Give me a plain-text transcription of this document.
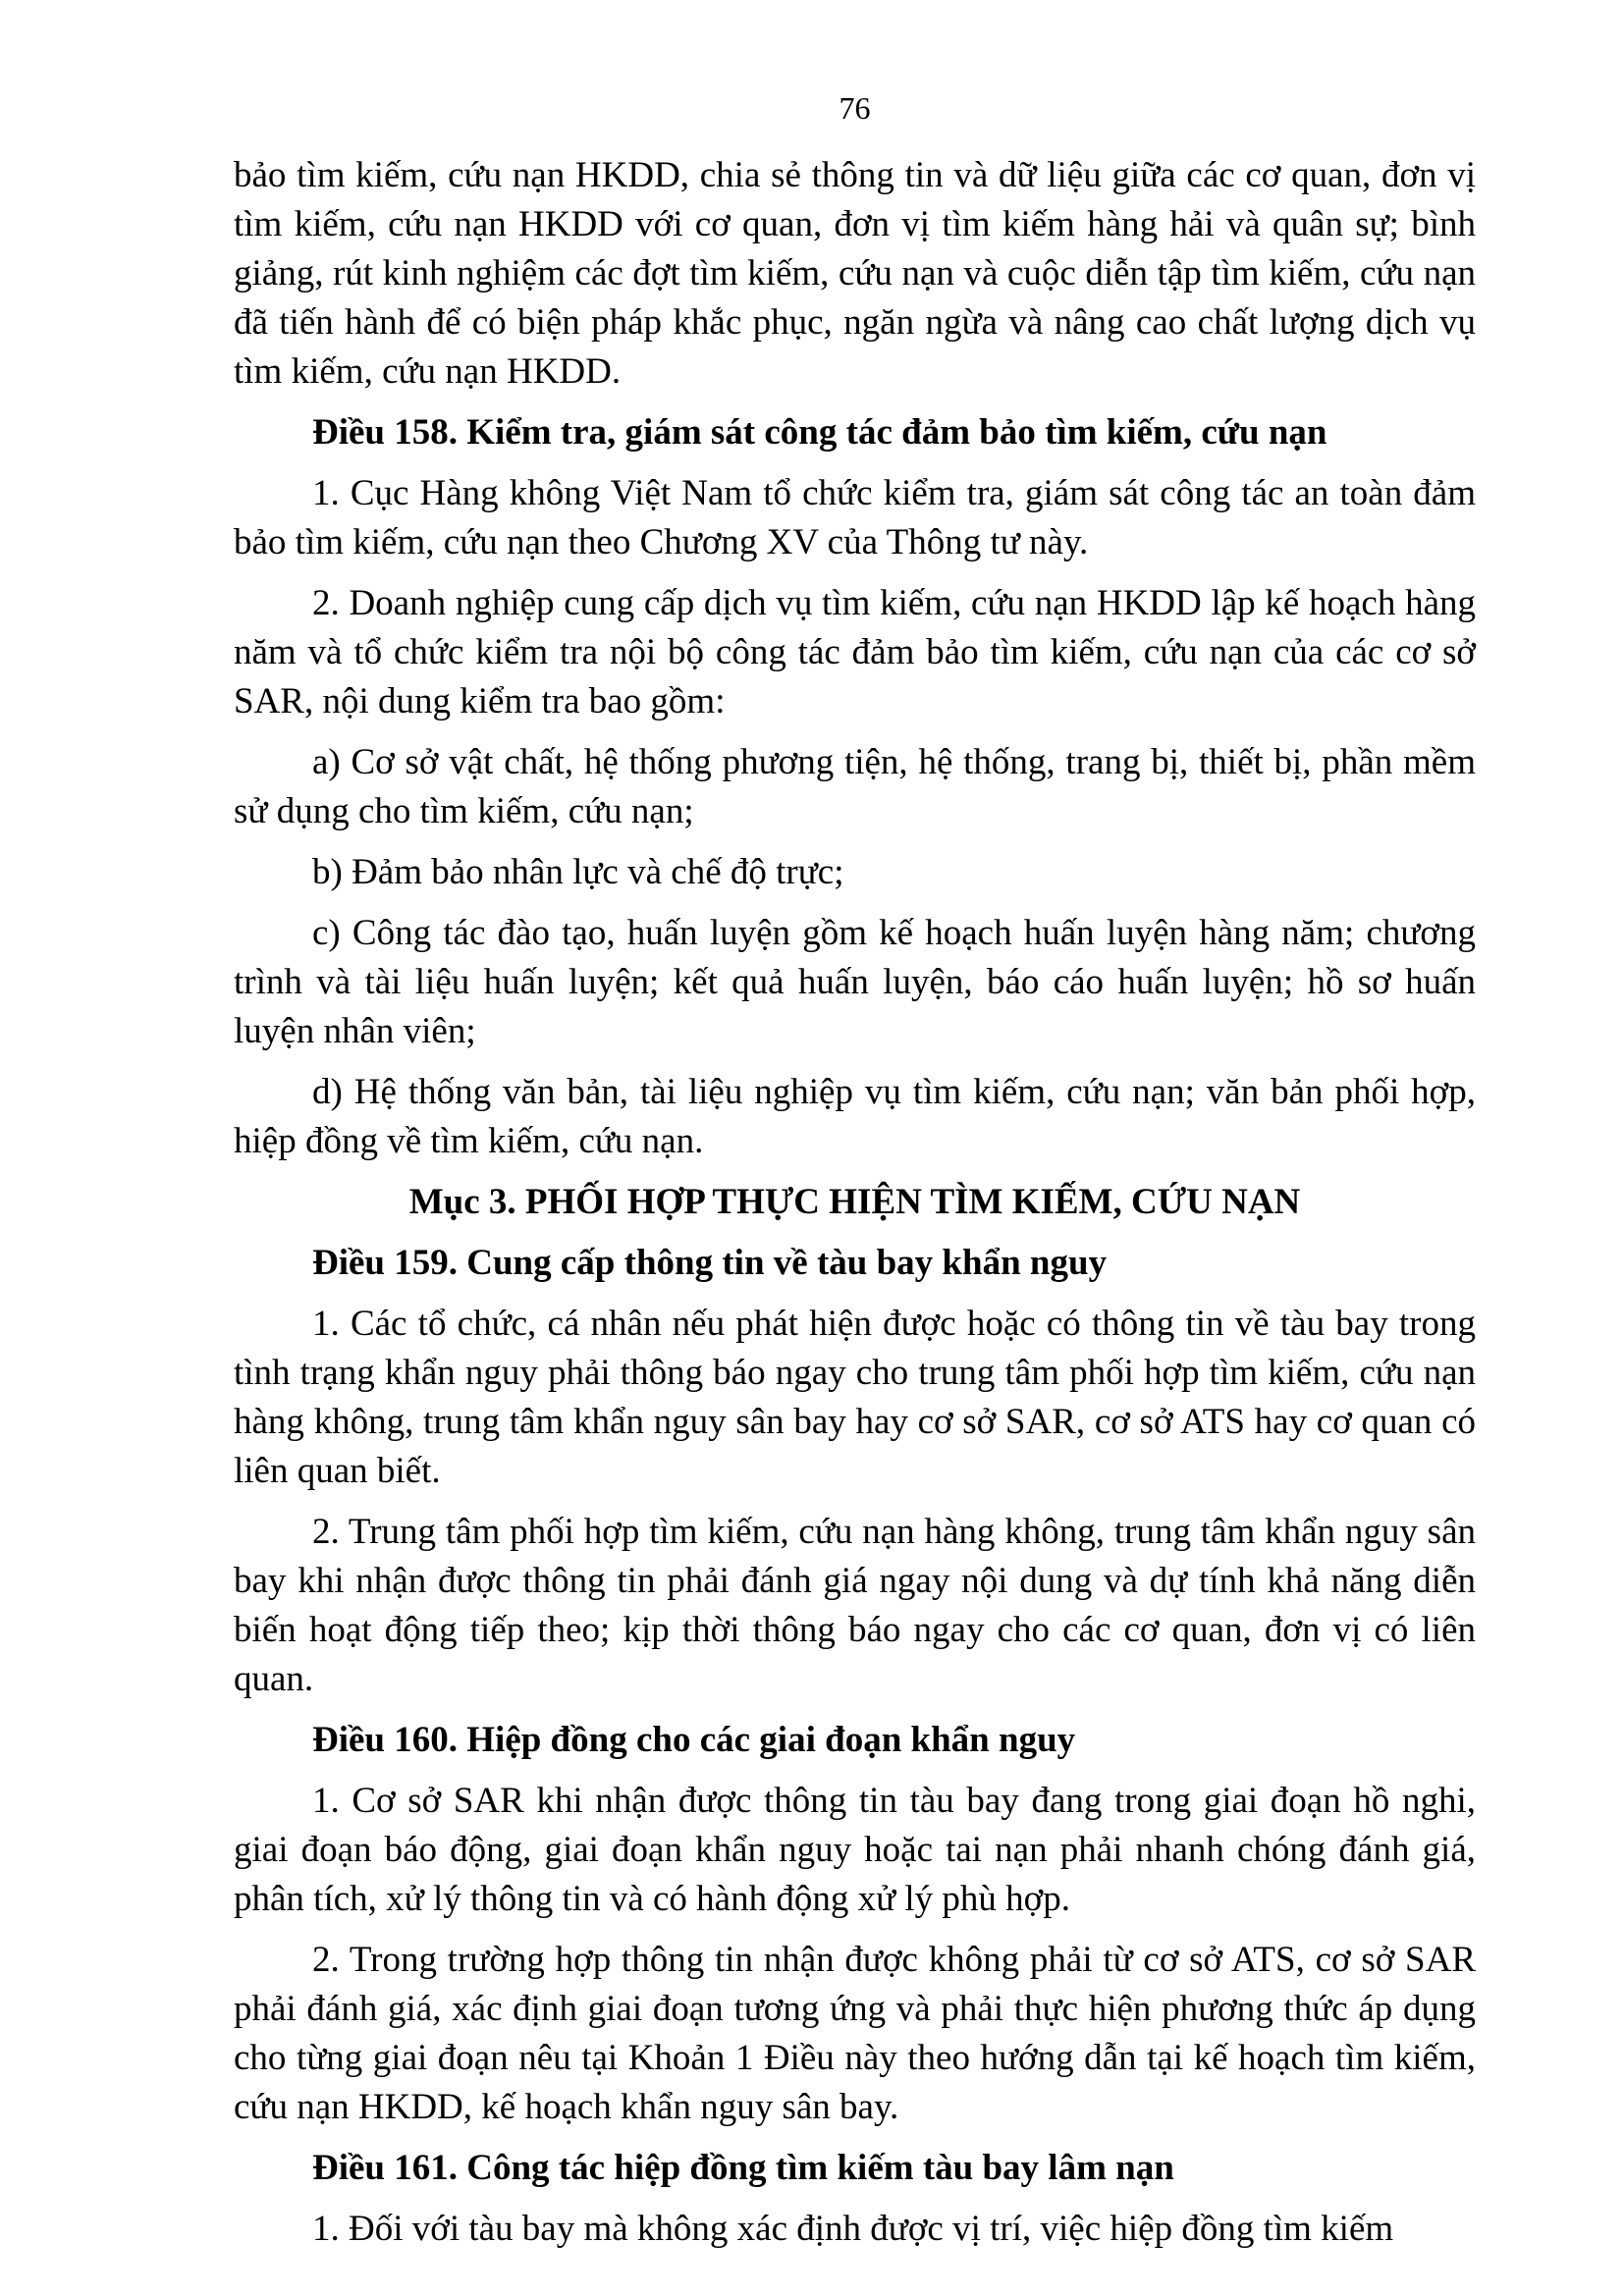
76

bảo tìm kiếm, cứu nạn HKDD, chia sẻ thông tin và dữ liệu giữa các cơ quan, đơn vị tìm kiếm, cứu nạn HKDD với cơ quan, đơn vị tìm kiếm hàng hải và quân sự; bình giảng, rút kinh nghiệm các đợt tìm kiếm, cứu nạn và cuộc diễn tập tìm kiếm, cứu nạn đã tiến hành để có biện pháp khắc phục, ngăn ngừa và nâng cao chất lượng dịch vụ tìm kiếm, cứu nạn HKDD.

Điều 158. Kiểm tra, giám sát công tác đảm bảo tìm kiếm, cứu nạn

1. Cục Hàng không Việt Nam tổ chức kiểm tra, giám sát công tác an toàn đảm bảo tìm kiếm, cứu nạn theo Chương XV của Thông tư này.

2. Doanh nghiệp cung cấp dịch vụ tìm kiếm, cứu nạn HKDD lập kế hoạch hàng năm và tổ chức kiểm tra nội bộ công tác đảm bảo tìm kiếm, cứu nạn của các cơ sở SAR, nội dung kiểm tra bao gồm:

a) Cơ sở vật chất, hệ thống phương tiện, hệ thống, trang bị, thiết bị, phần mềm sử dụng cho tìm kiếm, cứu nạn;

b) Đảm bảo nhân lực và chế độ trực;

c) Công tác đào tạo, huấn luyện gồm kế hoạch huấn luyện hàng năm; chương trình và tài liệu huấn luyện; kết quả huấn luyện, báo cáo huấn luyện; hồ sơ huấn luyện nhân viên;

d) Hệ thống văn bản, tài liệu nghiệp vụ tìm kiếm, cứu nạn; văn bản phối hợp, hiệp đồng về tìm kiếm, cứu nạn.

Mục 3. PHỐI HỢP THỰC HIỆN TÌM KIẾM, CỨU NẠN

Điều 159. Cung cấp thông tin về tàu bay khẩn nguy

1. Các tổ chức, cá nhân nếu phát hiện được hoặc có thông tin về tàu bay trong tình trạng khẩn nguy phải thông báo ngay cho trung tâm phối hợp tìm kiếm, cứu nạn hàng không, trung tâm khẩn nguy sân bay hay cơ sở SAR, cơ sở ATS hay cơ quan có liên quan biết.

2. Trung tâm phối hợp tìm kiếm, cứu nạn hàng không, trung tâm khẩn nguy sân bay khi nhận được thông tin phải đánh giá ngay nội dung và dự tính khả năng diễn biến hoạt động tiếp theo; kịp thời thông báo ngay cho các cơ quan, đơn vị có liên quan.

Điều 160. Hiệp đồng cho các giai đoạn khẩn nguy

1. Cơ sở SAR khi nhận được thông tin tàu bay đang trong giai đoạn hồ nghi, giai đoạn báo động, giai đoạn khẩn nguy hoặc tai nạn phải nhanh chóng đánh giá, phân tích, xử lý thông tin và có hành động xử lý phù hợp.

2. Trong trường hợp thông tin nhận được không phải từ cơ sở ATS, cơ sở SAR phải đánh giá, xác định giai đoạn tương ứng và phải thực hiện phương thức áp dụng cho từng giai đoạn nêu tại Khoản 1 Điều này theo hướng dẫn tại kế hoạch tìm kiếm, cứu nạn HKDD, kế hoạch khẩn nguy sân bay.

Điều 161. Công tác hiệp đồng tìm kiếm tàu bay lâm nạn

1. Đối với tàu bay mà không xác định được vị trí, việc hiệp đồng tìm kiếm
